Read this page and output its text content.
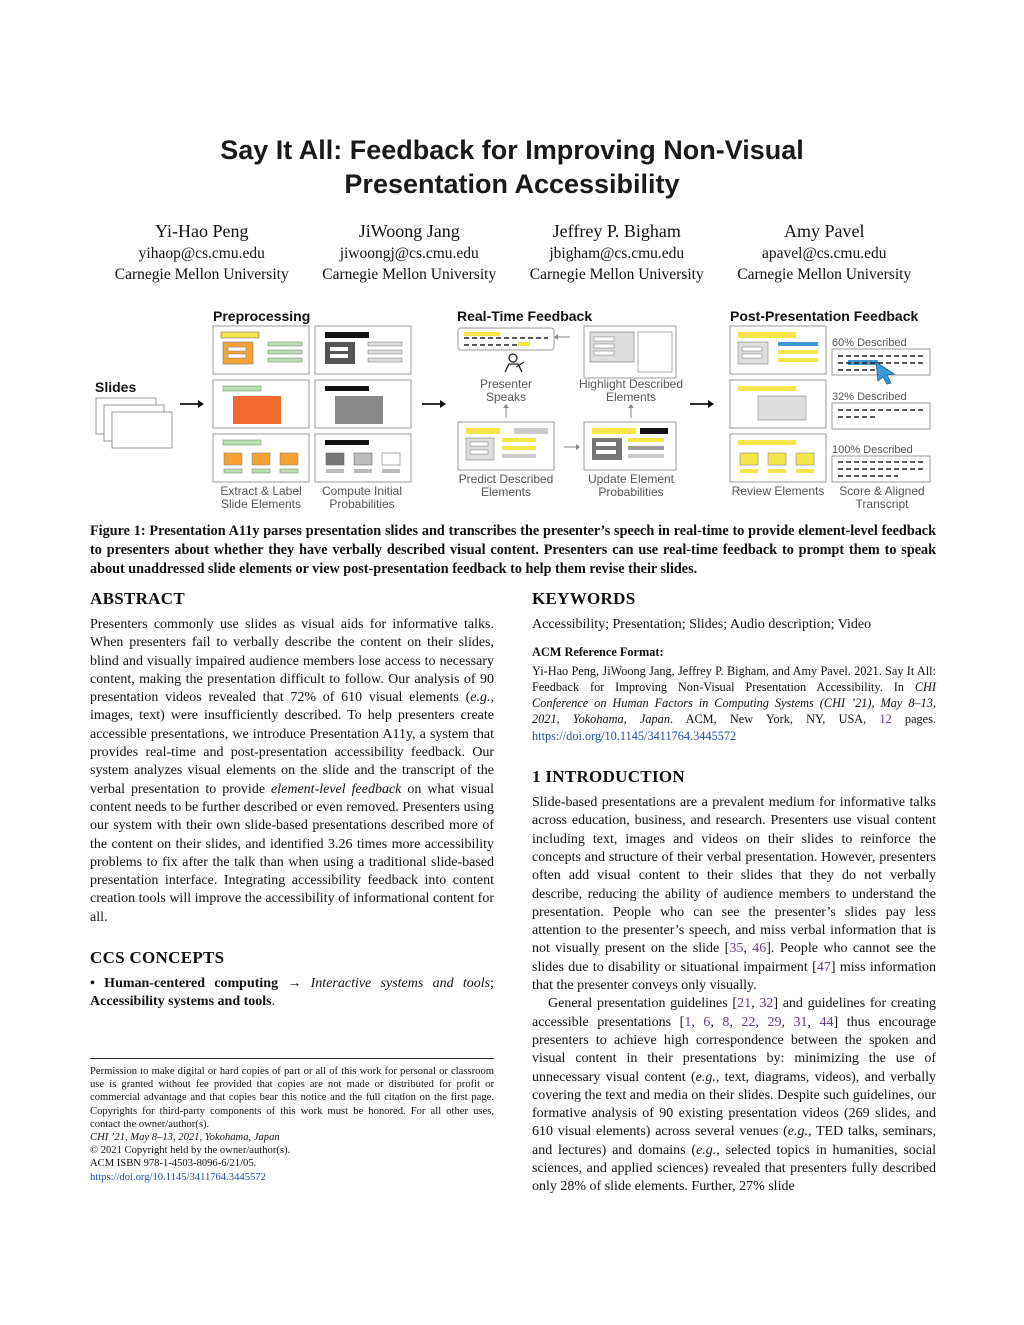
Say It All: Feedback for Improving Non-Visual
Presentation Accessibility
Yi-Hao Peng
yihaop@cs.cmu.edu
Carnegie Mellon University
JiWoong Jang
jiwoongj@cs.cmu.edu
Carnegie Mellon University
Jeffrey P. Bigham
jbigham@cs.cmu.edu
Carnegie Mellon University
Amy Pavel
apavel@cs.cmu.edu
Carnegie Mellon University
Preprocessing	Real-Time Feedback	Post-Presentation Feedback
Slides
Extract & Label
Slide Elements
Compute Initial
Probabilities
Presenter
Speaks
Highlight Described
Elements
Predict Described
Elements
Update Element
Probabilities	Review Elements
60% Described
32% Described
100% Described
Score & Aligned
Transcript
Figure 1: Presentation A11y parses presentation slides and transcribes the presenter’s speech in real-time to provide element-level feedback to presenters about whether they have verbally described visual content. Presenters can use real-time feedback to prompt them to speak about unaddressed slide elements or view post-presentation feedback to help them revise their slides.
ABSTRACT

Presenters commonly use slides as visual aids for informative talks. When presenters fail to verbally describe the content on their slides, blind and visually impaired audience members lose access to necessary content, making the presentation difficult to follow. Our analysis of 90 presentation videos revealed that 72% of 610 visual elements (e.g., images, text) were insufficiently described. To help presenters create accessible presentations, we introduce Presentation A11y, a system that provides real-time and post-presentation accessibility feedback. Our system analyzes visual elements on the slide and the transcript of the verbal presentation to provide element-level feedback on what visual content needs to be further described or even removed. Presenters using our system with their own slide-based presentations described more of the content on their slides, and identified 3.26 times more accessibility problems to fix after the talk than when using a traditional slide-based presentation interface. Integrating accessibility feedback into content creation tools will improve the accessibility of informational content for all.

CCS CONCEPTS

• Human-centered computing → Interactive systems and tools; Accessibility systems and tools.

Permission to make digital or hard copies of part or all of this work for personal or classroom use is granted without fee provided that copies are not made or distributed for profit or commercial advantage and that copies bear this notice and the full citation on the first page. Copyrights for third-party components of this work must be honored. For all other uses, contact the owner/author(s).

CHI ’21, May 8–13, 2021, Yokohama, Japan

© 2021 Copyright held by the owner/author(s).

ACM ISBN 978-1-4503-8096-6/21/05.

https://doi.org/10.1145/3411764.3445572

KEYWORDS

Accessibility; Presentation; Slides; Audio description; Video

ACM Reference Format:

Yi-Hao Peng, JiWoong Jang, Jeffrey P. Bigham, and Amy Pavel. 2021. Say It All: Feedback for Improving Non-Visual Presentation Accessibility. In CHI Conference on Human Factors in Computing Systems (CHI ’21), May 8–13, 2021, Yokohama, Japan. ACM, New York, NY, USA, 12 pages. https://doi.org/10.1145/3411764.3445572

1 INTRODUCTION

Slide-based presentations are a prevalent medium for informative talks across education, business, and research. Presenters use visual content including text, images and videos on their slides to reinforce the concepts and structure of their verbal presentation. However, presenters often add visual content to their slides that they do not verbally describe, reducing the ability of audience members to understand the presentation. People who can see the presenter’s slides pay less attention to the presenter’s speech, and miss verbal information that is not visually present on the slide [35, 46]. People who cannot see the slides due to disability or situational impairment [47] miss information that the presenter conveys only visually.

General presentation guidelines [21, 32] and guidelines for creating accessible presentations [1, 6, 8, 22, 29, 31, 44] thus encourage presenters to achieve high correspondence between the spoken and visual content in their presentations by: minimizing the use of unnecessary visual content (e.g., text, diagrams, videos), and verbally covering the text and media on their slides. Despite such guidelines, our formative analysis of 90 existing presentation videos (269 slides, and 610 visual elements) across several venues (e.g., TED talks, seminars, and lectures) and domains (e.g., selected topics in humanities, social sciences, and applied sciences) revealed that presenters fully described only 28% of slide elements. Further, 27% slide
